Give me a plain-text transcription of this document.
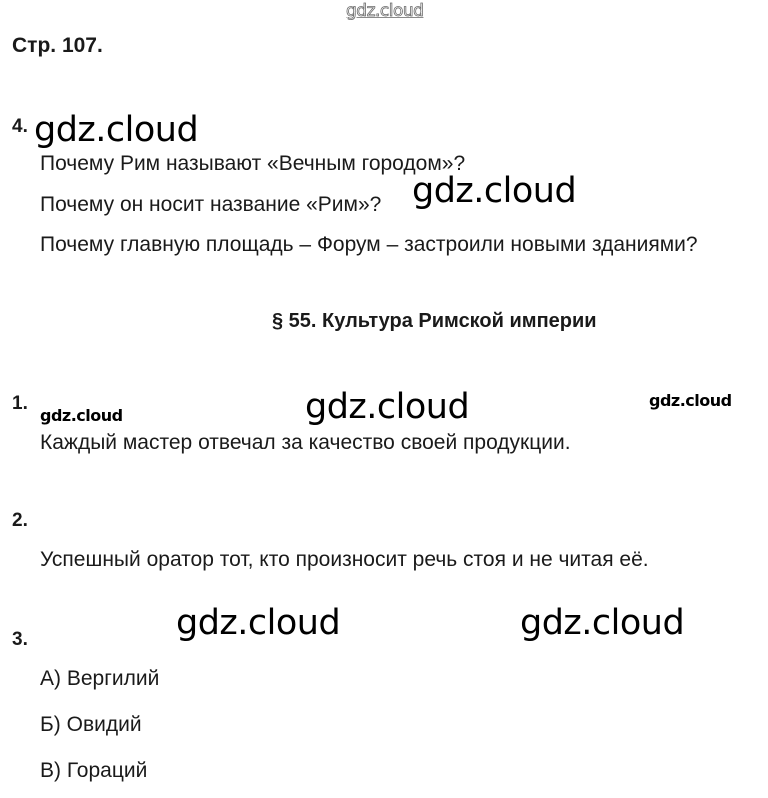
gdz.cloud
Стр. 107.
4. gdz.cloud
Почему Рим называют «Вечным городом»?
Почему он носит название «Рим»? gdz.cloud
Почему главную площадь – Форум – застроили новыми зданиями?
§ 55. Культура Римской империи
1.
gdz.cloud	gdz.cloud	gdz.cloud
Каждый мастер отвечал за качество своей продукции.
2.
Успешный оратор тот, кто произносит речь стоя и не читая её.
3.	gdz.cloud	gdz.cloud
А) Вергилий
Б) Овидий
В) Гораций
